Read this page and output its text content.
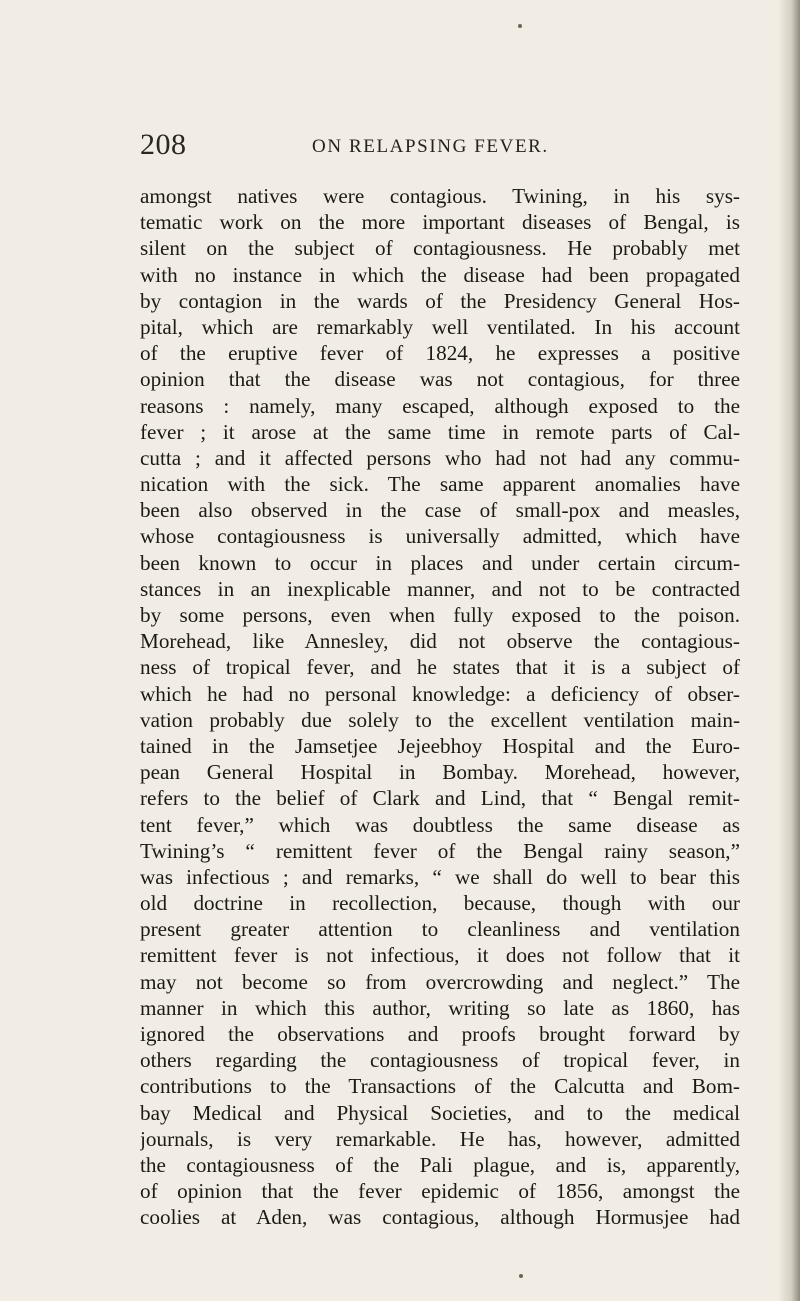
208	ON RELAPSING FEVER.
amongst natives were contagious. Twining, in his sys-
tematic work on the more important diseases of Bengal, is
silent on the subject of contagiousness. He probably met
with no instance in which the disease had been propagated
by contagion in the wards of the Presidency General Hos-
pital, which are remarkably well ventilated. In his account
of the eruptive fever of 1824, he expresses a positive
opinion that the disease was not contagious, for three
reasons : namely, many escaped, although exposed to the
fever ; it arose at the same time in remote parts of Cal-
cutta ; and it affected persons who had not had any commu-
nication with the sick. The same apparent anomalies have
been also observed in the case of small-pox and measles,
whose contagiousness is universally admitted, which have
been known to occur in places and under certain circum-
stances in an inexplicable manner, and not to be contracted
by some persons, even when fully exposed to the poison.
Morehead, like Annesley, did not observe the contagious-
ness of tropical fever, and he states that it is a subject of
which he had no personal knowledge: a deficiency of obser-
vation probably due solely to the excellent ventilation main-
tained in the Jamsetjee Jejeebhoy Hospital and the Euro-
pean General Hospital in Bombay. Morehead, however,
refers to the belief of Clark and Lind, that “ Bengal remit-
tent fever,” which was doubtless the same disease as
Twining’s “ remittent fever of the Bengal rainy season,”
was infectious ; and remarks, “ we shall do well to bear this
old doctrine in recollection, because, though with our
present greater attention to cleanliness and ventilation
remittent fever is not infectious, it does not follow that it
may not become so from overcrowding and neglect.” The
manner in which this author, writing so late as 1860, has
ignored the observations and proofs brought forward by
others regarding the contagiousness of tropical fever, in
contributions to the Transactions of the Calcutta and Bom-
bay Medical and Physical Societies, and to the medical
journals, is very remarkable. He has, however, admitted
the contagiousness of the Pali plague, and is, apparently,
of opinion that the fever epidemic of 1856, amongst the
coolies at Aden, was contagious, although Hormusjee had
